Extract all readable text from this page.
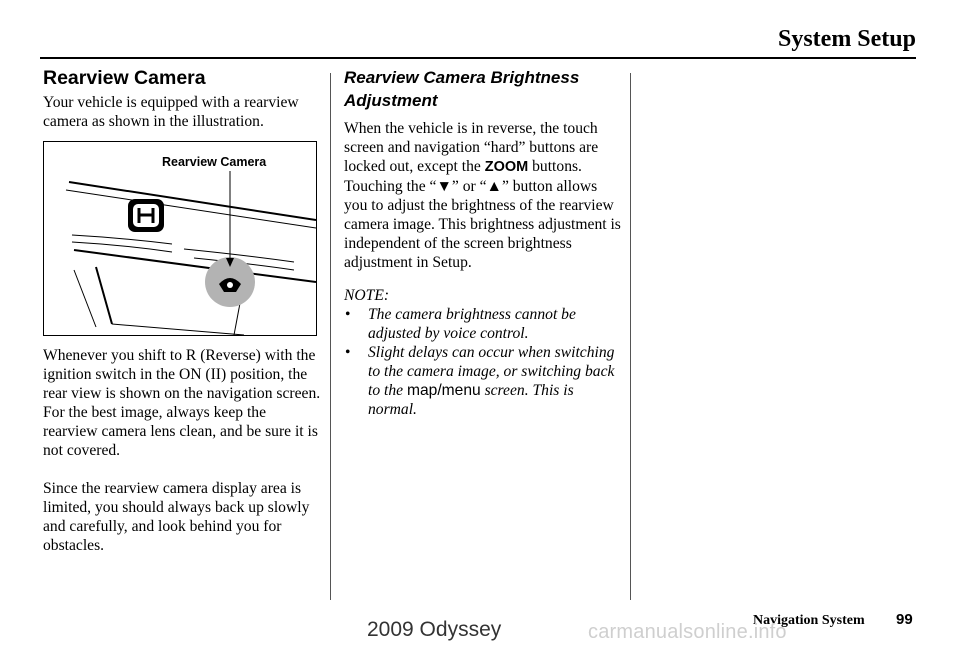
System Setup
Rearview Camera

Your vehicle is equipped with a rearview camera as shown in the illustration.

Rearview Camera

Whenever you shift to R (Reverse) with the ignition switch in the ON (II) position, the rear view is shown on the navigation screen. For the best image, always keep the rearview camera lens clean, and be sure it is not covered.

Since the rearview camera display area is limited, you should always back up slowly and carefully, and look behind you for obstacles.

Rearview Camera Brightness
Adjustment

When the vehicle is in reverse, the touch screen and navigation “hard” buttons are locked out, except the ZOOM buttons. Touching the “▼” or “▲” button allows you to adjust the brightness of the rearview camera image. This brightness adjustment is independent of the screen brightness adjustment in Setup.

NOTE:

• The camera brightness cannot be adjusted by voice control.
• Slight delays can occur when switching to the camera image, or switching back to the map/menu screen. This is normal.
Navigation System 99
2009 Odyssey	carmanualsonline.info
